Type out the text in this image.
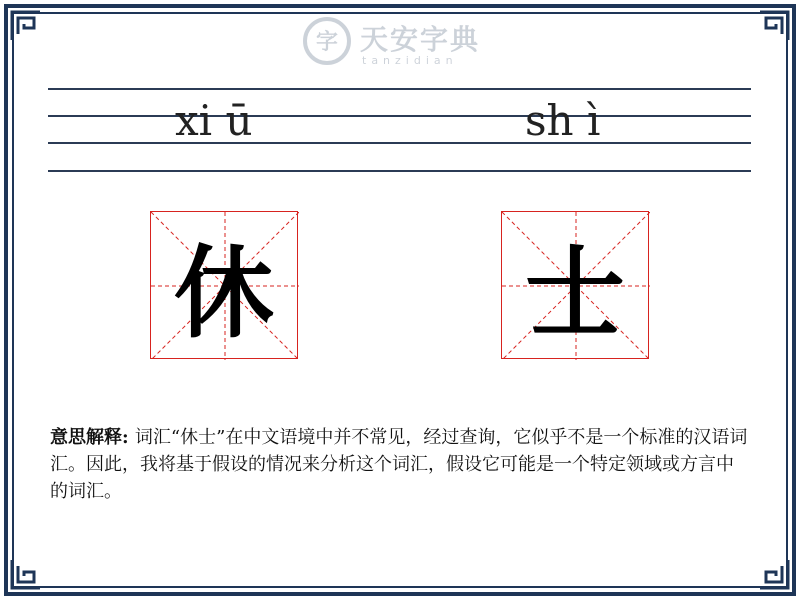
字 天安字典
tanzidian
xi ū	sh ì
休	士
意思解释: 词汇“休士”在中文语境中并不常见，经过查询，它似乎不是一个标准的汉语词汇。因此，我将基于假设的情况来分析这个词汇，假设它可能是一个特定领域或方言中的词汇。
